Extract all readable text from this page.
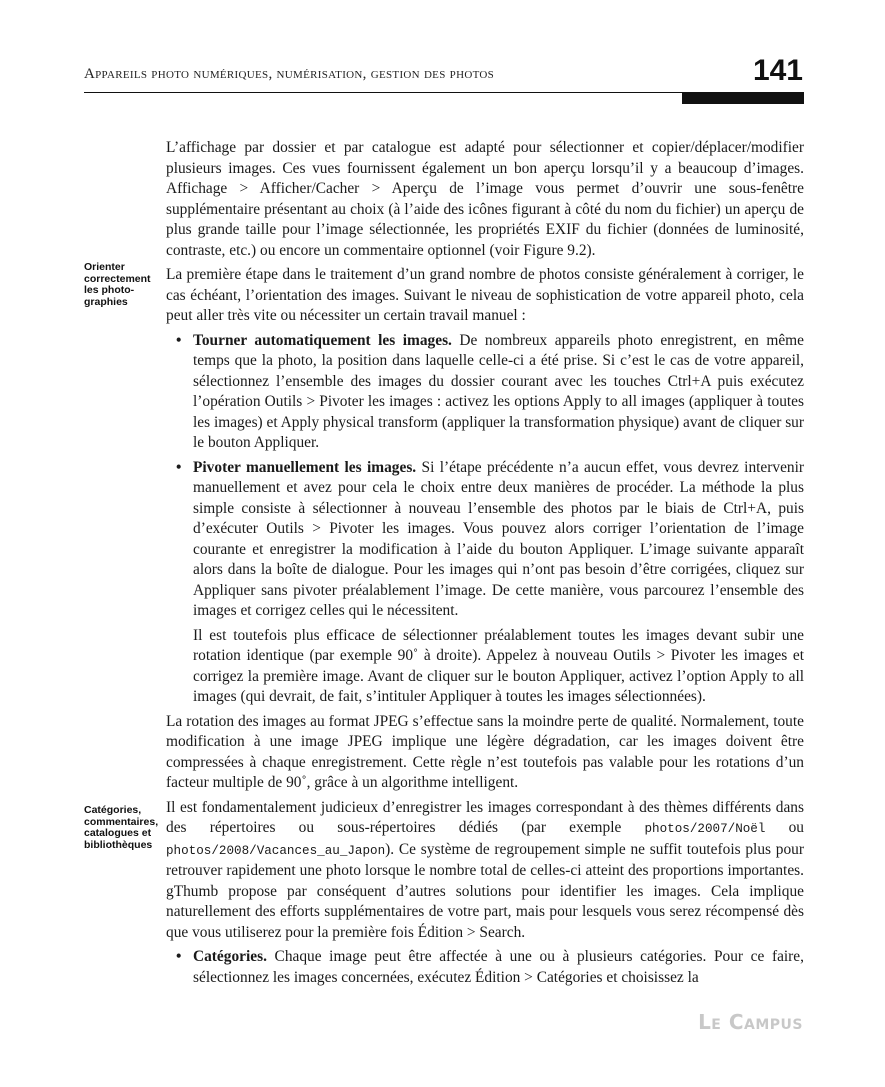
Appareils photo numériques, numérisation, gestion des photos	141
Orienter correctement les photo-graphies
Catégories, commentaires, catalogues et bibliothèques

L’affichage par dossier et par catalogue est adapté pour sélectionner et copier/déplacer/modifier plusieurs images. Ces vues fournissent également un bon aperçu lorsqu’il y a beaucoup d’images. Affichage > Afficher/Cacher > Aperçu de l’image vous permet d’ouvrir une sous-fenêtre supplémentaire présentant au choix (à l’aide des icônes figurant à côté du nom du fichier) un aperçu de plus grande taille pour l’image sélectionnée, les propriétés EXIF du fichier (données de luminosité, contraste, etc.) ou encore un commentaire optionnel (voir Figure 9.2).

La première étape dans le traitement d’un grand nombre de photos consiste généralement à corriger, le cas échéant, l’orientation des images. Suivant le niveau de sophistication de votre appareil photo, cela peut aller très vite ou nécessiter un certain travail manuel :

• Tourner automatiquement les images. De nombreux appareils photo enregistrent, en même temps que la photo, la position dans laquelle celle-ci a été prise. Si c’est le cas de votre appareil, sélectionnez l’ensemble des images du dossier courant avec les touches Ctrl+A puis exécutez l’opération Outils > Pivoter les images : activez les options Apply to all images (appliquer à toutes les images) et Apply physical transform (appliquer la transformation physique) avant de cliquer sur le bouton Appliquer.
• Pivoter manuellement les images. Si l’étape précédente n’a aucun effet, vous devrez intervenir manuellement et avez pour cela le choix entre deux manières de procéder. La méthode la plus simple consiste à sélectionner à nouveau l’ensemble des photos par le biais de Ctrl+A, puis d’exécuter Outils > Pivoter les images. Vous pouvez alors corriger l’orientation de l’image courante et enregistrer la modification à l’aide du bouton Appliquer. L’image suivante apparaît alors dans la boîte de dialogue. Pour les images qui n’ont pas besoin d’être corrigées, cliquez sur Appliquer sans pivoter préalablement l’image. De cette manière, vous parcourez l’ensemble des images et corrigez celles qui le nécessitent.

Il est toutefois plus efficace de sélectionner préalablement toutes les images devant subir une rotation identique (par exemple 90˚ à droite). Appelez à nouveau Outils > Pivoter les images et corrigez la première image. Avant de cliquer sur le bouton Appliquer, activez l’option Apply to all images (qui devrait, de fait, s’intituler Appliquer à toutes les images sélectionnées).

La rotation des images au format JPEG s’effectue sans la moindre perte de qualité. Normalement, toute modification à une image JPEG implique une légère dégradation, car les images doivent être compressées à chaque enregistrement. Cette règle n’est toutefois pas valable pour les rotations d’un facteur multiple de 90˚, grâce à un algorithme intelligent.

Il est fondamentalement judicieux d’enregistrer les images correspondant à des thèmes différents dans des répertoires ou sous-répertoires dédiés (par exemple photos/2007/Noël ou photos/2008/Vacances_au_Japon). Ce système de regroupement simple ne suffit toutefois plus pour retrouver rapidement une photo lorsque le nombre total de celles-ci atteint des proportions importantes. gThumb propose par conséquent d’autres solutions pour identifier les images. Cela implique naturellement des efforts supplémentaires de votre part, mais pour lesquels vous serez récompensé dès que vous utiliserez pour la première fois Édition > Search.

• Catégories. Chaque image peut être affectée à une ou à plusieurs catégories. Pour ce faire, sélectionnez les images concernées, exécutez Édition > Catégories et choisissez la
Le Campus
